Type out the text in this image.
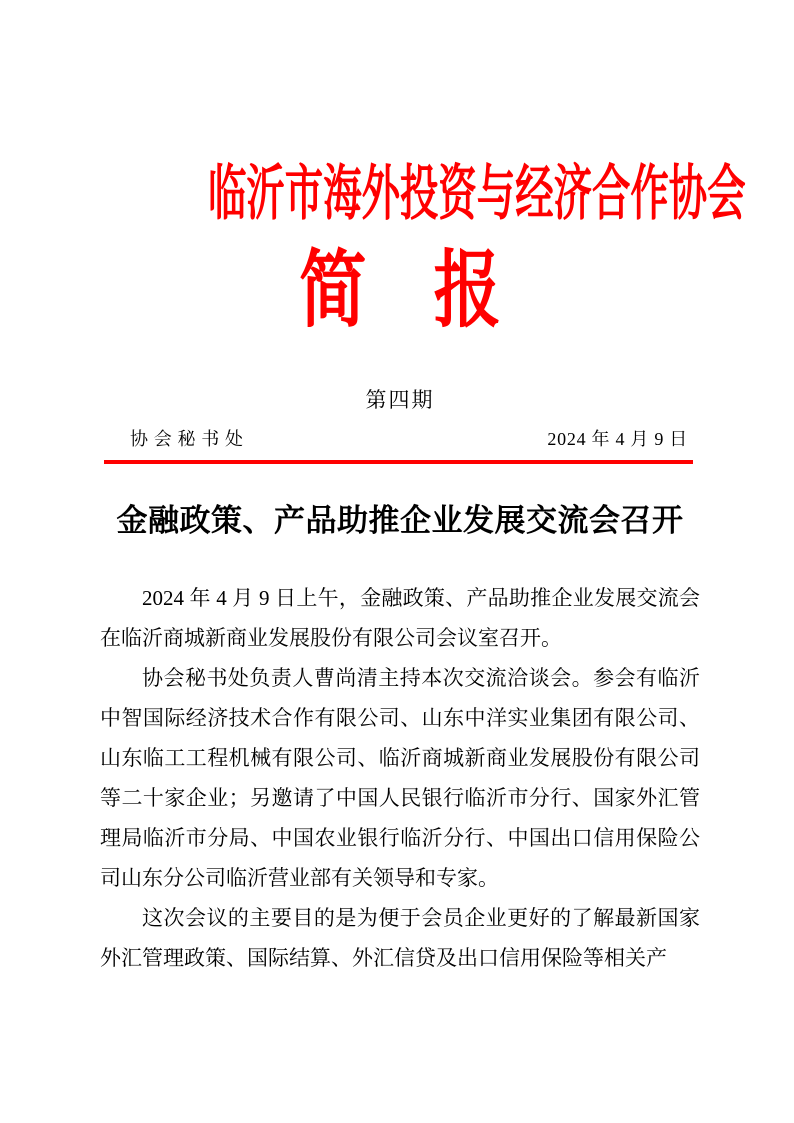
临沂市海外投资与经济合作协会
简　报
第四期
协会秘书处	2024 年 4 月 9 日
金融政策、产品助推企业发展交流会召开

2024 年 4 月 9 日上午，金融政策、产品助推企业发展交流会在临沂商城新商业发展股份有限公司会议室召开。

协会秘书处负责人曹尚清主持本次交流洽谈会。参会有临沂中智国际经济技术合作有限公司、山东中洋实业集团有限公司、山东临工工程机械有限公司、临沂商城新商业发展股份有限公司等二十家企业；另邀请了中国人民银行临沂市分行、国家外汇管理局临沂市分局、中国农业银行临沂分行、中国出口信用保险公司山东分公司临沂营业部有关领导和专家。

这次会议的主要目的是为便于会员企业更好的了解最新国家外汇管理政策、国际结算、外汇信贷及出口信用保险等相关产
